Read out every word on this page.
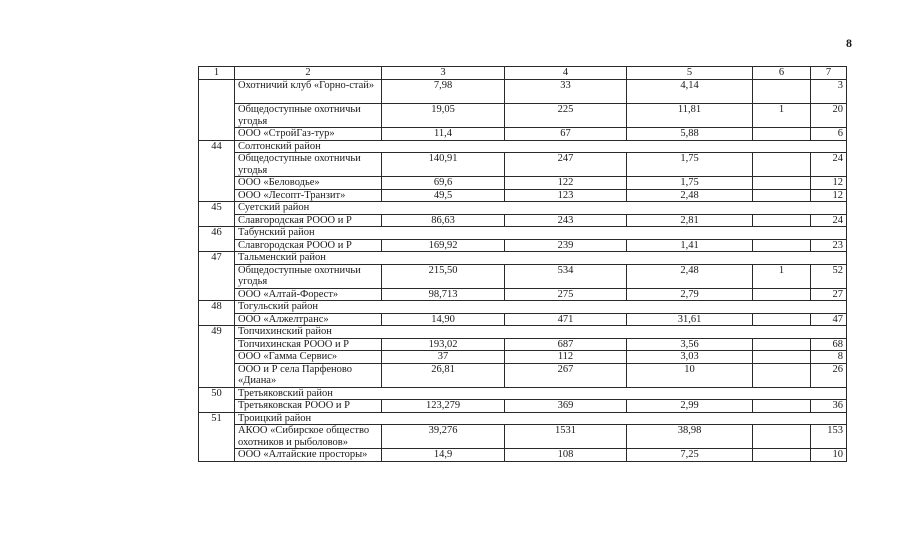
8
1	2	3	4	5	6	7
	Охотничий клуб «Горно-стай»	7,98	33	4,14		3
	Общедоступные охотничьи угодья	19,05	225	11,81	1	20
	ООО «СтройГаз-тур»	11,4	67	5,88		6
44	Солтонский район					
	Общедоступные охотничьи угодья	140,91	247	1,75		24
	ООО «Беловодье»	69,6	122	1,75		12
	ООО «Лесопт-Транзит»	49,5	123	2,48		12
45	Суетский район					
	Славгородская РООО и Р	86,63	243	2,81		24
46	Табунский район					
	Славгородская РООО и Р	169,92	239	1,41		23
47	Тальменский район					
	Общедоступные охотничьи угодья	215,50	534	2,48	1	52
	ООО «Алтай-Форест»	98,713	275	2,79		27
48	Тогульский район					
	ООО «Алжелтранс»	14,90	471	31,61		47
49	Топчихинский район					
	Топчихинская РООО и Р	193,02	687	3,56		68
	ООО «Гамма Сервис»	37	112	3,03		8
	ООО и Р села Парфеново «Диана»	26,81	267	10		26
50	Третьяковский район					
	Третьяковская РООО и Р	123,279	369	2,99		36
51	Троицкий район					
	АКОО «Сибирское общество охотников и рыболовов»	39,276	1531	38,98		153
	ООО «Алтайские просторы»	14,9	108	7,25		10
